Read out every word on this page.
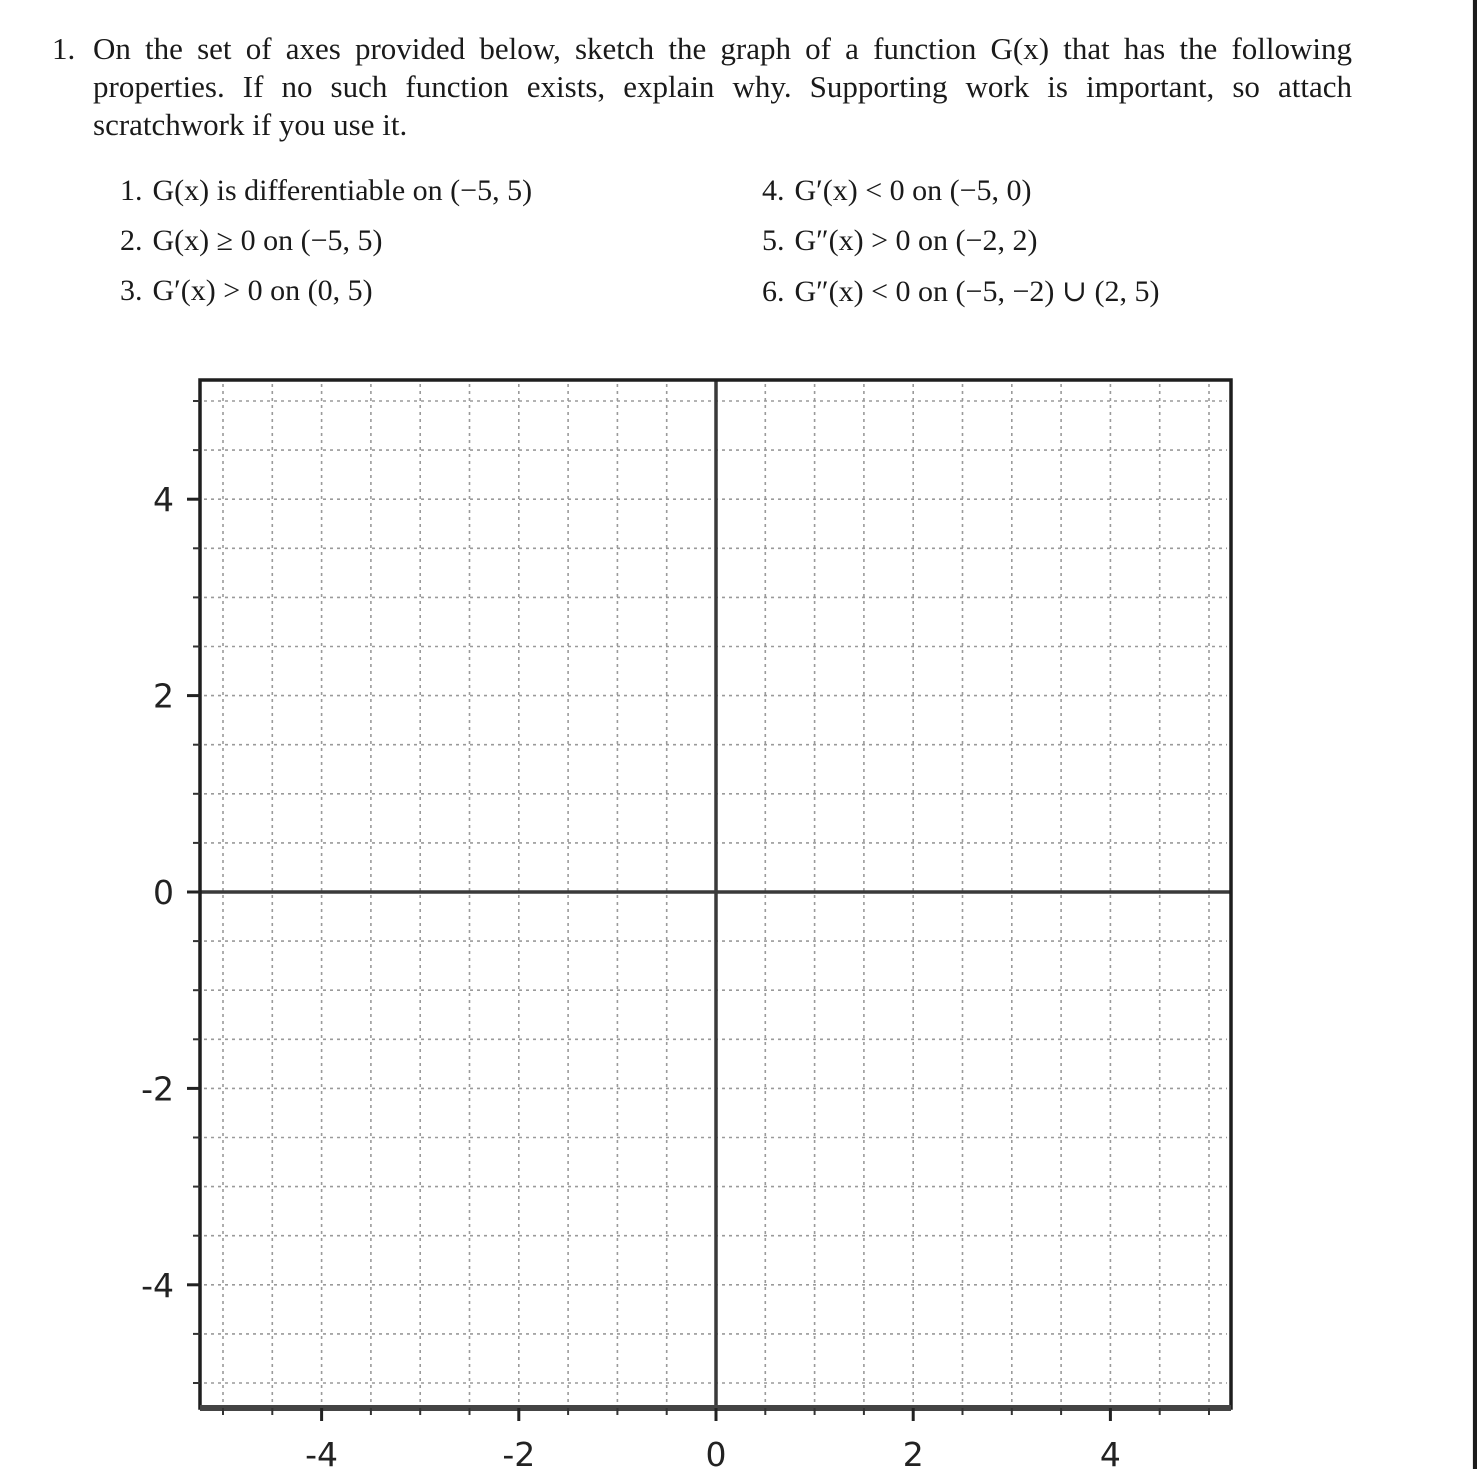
1. On the set of axes provided below, sketch the graph of a function G(x) that has the following
properties. If no such function exists, explain why. Supporting work is important, so attach
scratchwork if you use it.
1. G(x) is differentiable on (−5, 5)
2. G(x) ≥ 0 on (−5, 5)
3. G′(x) > 0 on (0, 5)
4. G′(x) < 0 on (−5, 0)
5. G″(x) > 0 on (−2, 2)
6. G″(x) < 0 on (−5, −2) ∪ (2, 5)
-4	-2	0	2	4
4
2
0
-2
-4
